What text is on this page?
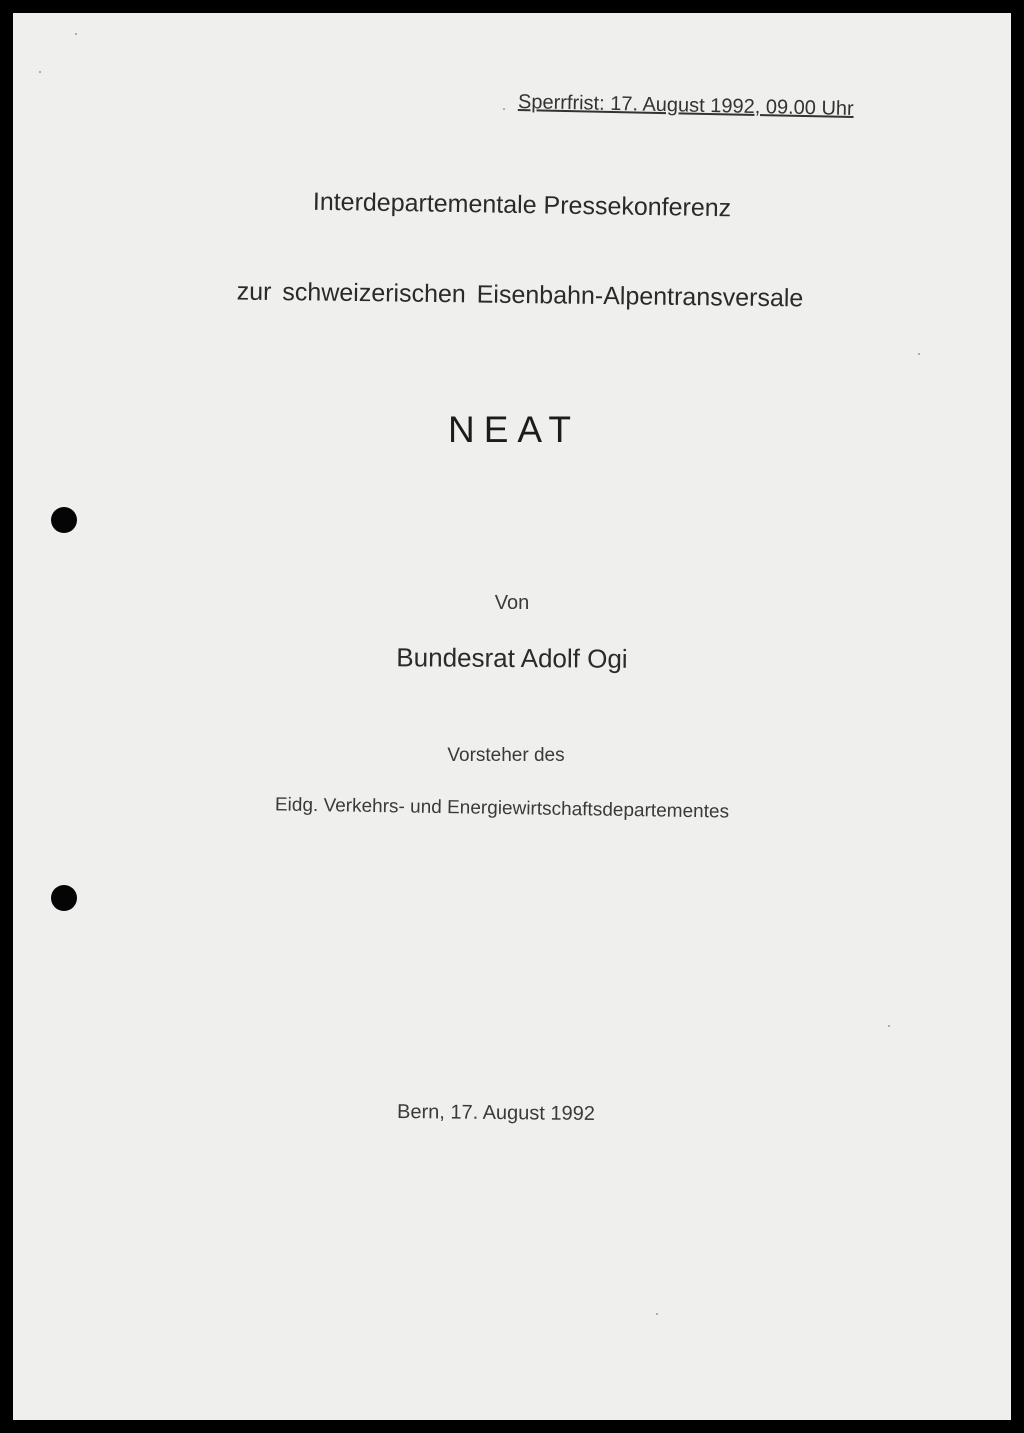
Sperrfrist: 17. August 1992, 09.00 Uhr
Interdepartementale Pressekonferenz
zur schweizerischen Eisenbahn-Alpentransversale
NEAT
Von
Bundesrat Adolf Ogi
Vorsteher des
Eidg. Verkehrs- und Energiewirtschaftsdepartementes
Bern, 17. August 1992
